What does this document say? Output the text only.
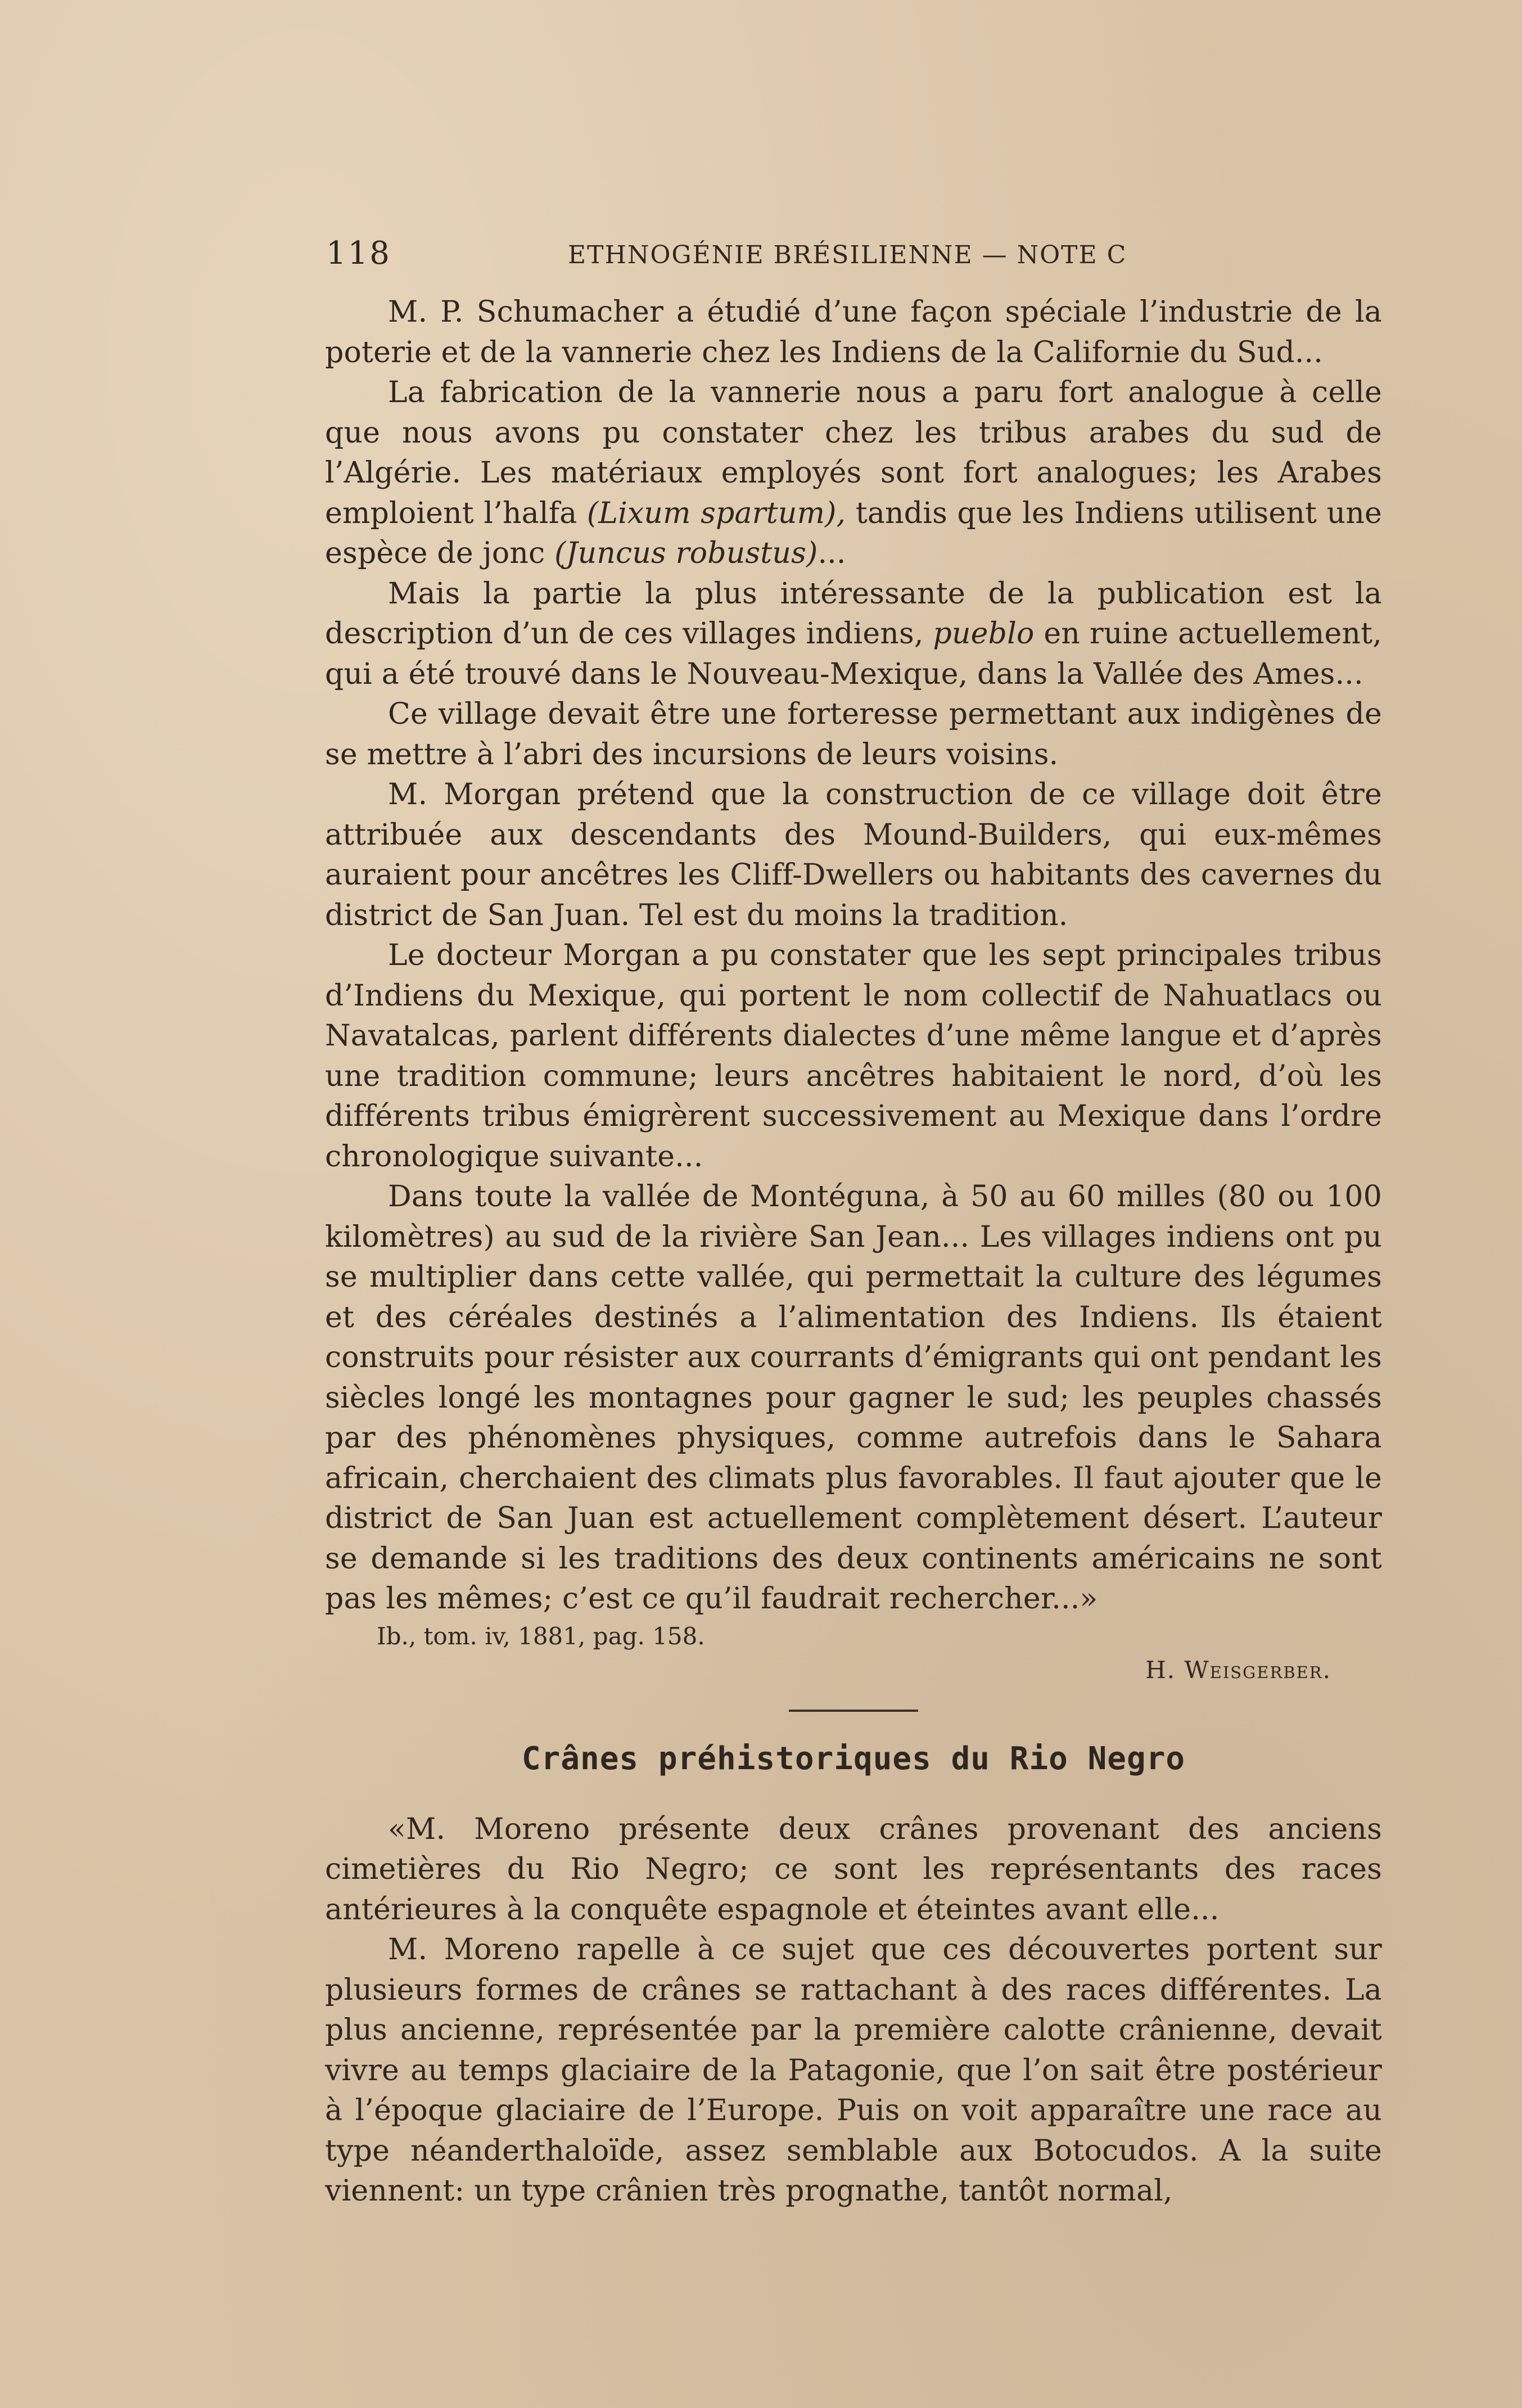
118	ETHNOGÉNIE BRÉSILIENNE — NOTE C

M. P. Schumacher a étudié d’une façon spéciale l’industrie de la poterie et de la vannerie chez les Indiens de la Californie du Sud...

La fabrication de la vannerie nous a paru fort analogue à celle que nous avons pu constater chez les tribus arabes du sud de l’Algérie. Les matériaux employés sont fort analogues; les Arabes emploient l’halfa (Lixum spartum), tandis que les Indiens utilisent une espèce de jonc (Juncus robustus)...

Mais la partie la plus intéressante de la publication est la description d’un de ces villages indiens, pueblo en ruine actuellement, qui a été trouvé dans le Nouveau-Mexique, dans la Vallée des Ames...

Ce village devait être une forteresse permettant aux indigènes de se mettre à l’abri des incursions de leurs voisins.

M. Morgan prétend que la construction de ce village doit être attribuée aux descendants des Mound-Builders, qui eux-mêmes auraient pour ancêtres les Cliff-Dwellers ou habitants des cavernes du district de San Juan. Tel est du moins la tradition.

Le docteur Morgan a pu constater que les sept principales tribus d’Indiens du Mexique, qui portent le nom collectif de Nahuatlacs ou Navatalcas, parlent différents dialectes d’une même langue et d’après une tradition commune; leurs ancêtres habitaient le nord, d’où les différents tribus émigrèrent successivement au Mexique dans l’ordre chronologique suivante...

Dans toute la vallée de Montéguna, à 50 au 60 milles (80 ou 100 kilomètres) au sud de la rivière San Jean... Les villages indiens ont pu se multiplier dans cette vallée, qui permettait la culture des légumes et des céréales destinés a l’alimentation des Indiens. Ils étaient construits pour résister aux courrants d’émigrants qui ont pendant les siècles longé les montagnes pour gagner le sud; les peuples chassés par des phénomènes physiques, comme autrefois dans le Sahara africain, cherchaient des climats plus favorables. Il faut ajouter que le district de San Juan est actuellement complètement désert. L’auteur se demande si les traditions des deux continents américains ne sont pas les mêmes; c’est ce qu’il faudrait rechercher...»

Ib., tom. iv, 1881, pag. 158.

H. Weisgerber.

Crânes préhistoriques du Rio Negro

«M. Moreno présente deux crânes provenant des anciens cimetières du Rio Negro; ce sont les représentants des races antérieures à la conquête espagnole et éteintes avant elle...

M. Moreno rapelle à ce sujet que ces découvertes portent sur plusieurs formes de crânes se rattachant à des races différentes. La plus ancienne, représentée par la première calotte crânienne, devait vivre au temps glaciaire de la Patagonie, que l’on sait être postérieur à l’époque glaciaire de l’Europe. Puis on voit apparaître une race au type néanderthaloïde, assez semblable aux Botocudos. A la suite viennent: un type crânien très prognathe, tantôt normal,
